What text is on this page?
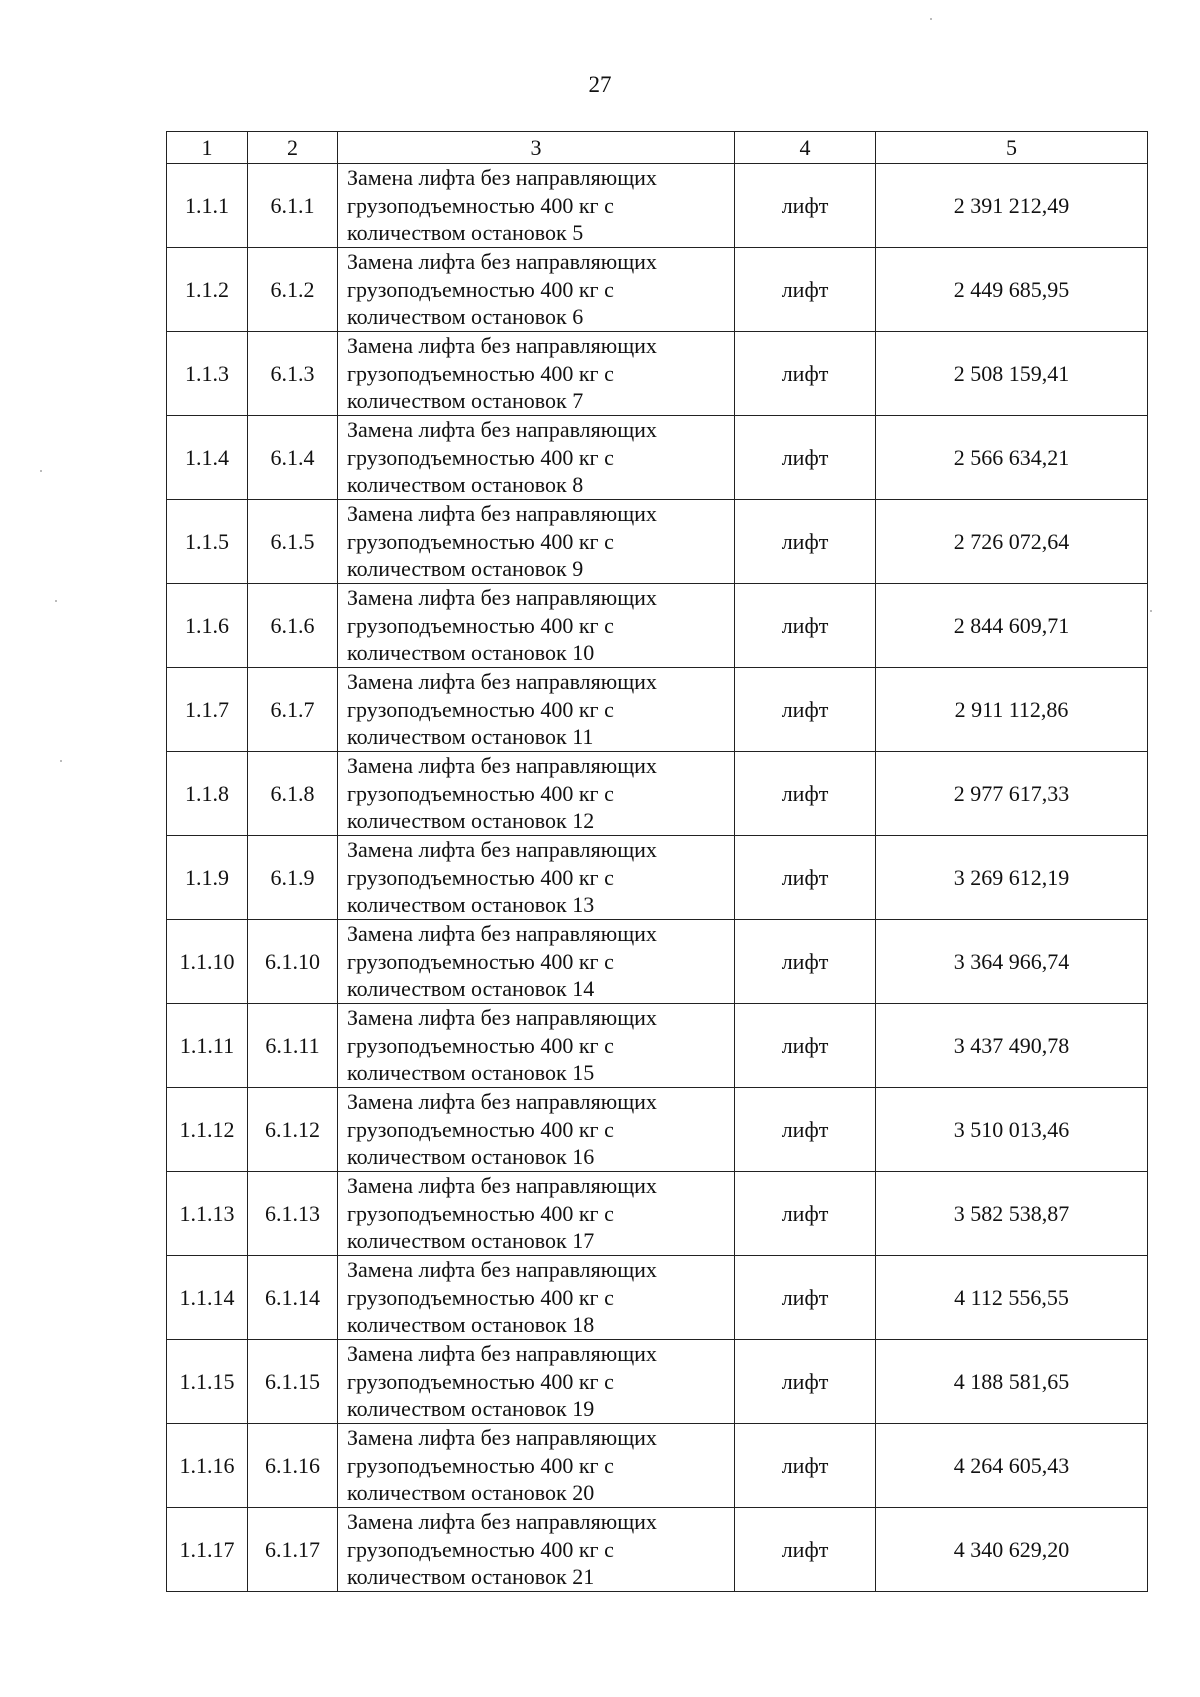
27
1	2	3	4	5
1.1.1	6.1.1	Замена лифта без направляющих
грузоподъемностью 400 кг с
количеством остановок 5	лифт	2 391 212,49
1.1.2	6.1.2	Замена лифта без направляющих
грузоподъемностью 400 кг с
количеством остановок 6	лифт	2 449 685,95
1.1.3	6.1.3	Замена лифта без направляющих
грузоподъемностью 400 кг с
количеством остановок 7	лифт	2 508 159,41
1.1.4	6.1.4	Замена лифта без направляющих
грузоподъемностью 400 кг с
количеством остановок 8	лифт	2 566 634,21
1.1.5	6.1.5	Замена лифта без направляющих
грузоподъемностью 400 кг с
количеством остановок 9	лифт	2 726 072,64
1.1.6	6.1.6	Замена лифта без направляющих
грузоподъемностью 400 кг с
количеством остановок 10	лифт	2 844 609,71
1.1.7	6.1.7	Замена лифта без направляющих
грузоподъемностью 400 кг с
количеством остановок 11	лифт	2 911 112,86
1.1.8	6.1.8	Замена лифта без направляющих
грузоподъемностью 400 кг с
количеством остановок 12	лифт	2 977 617,33
1.1.9	6.1.9	Замена лифта без направляющих
грузоподъемностью 400 кг с
количеством остановок 13	лифт	3 269 612,19
1.1.10	6.1.10	Замена лифта без направляющих
грузоподъемностью 400 кг с
количеством остановок 14	лифт	3 364 966,74
1.1.11	6.1.11	Замена лифта без направляющих
грузоподъемностью 400 кг с
количеством остановок 15	лифт	3 437 490,78
1.1.12	6.1.12	Замена лифта без направляющих
грузоподъемностью 400 кг с
количеством остановок 16	лифт	3 510 013,46
1.1.13	6.1.13	Замена лифта без направляющих
грузоподъемностью 400 кг с
количеством остановок 17	лифт	3 582 538,87
1.1.14	6.1.14	Замена лифта без направляющих
грузоподъемностью 400 кг с
количеством остановок 18	лифт	4 112 556,55
1.1.15	6.1.15	Замена лифта без направляющих
грузоподъемностью 400 кг с
количеством остановок 19	лифт	4 188 581,65
1.1.16	6.1.16	Замена лифта без направляющих
грузоподъемностью 400 кг с
количеством остановок 20	лифт	4 264 605,43
1.1.17	6.1.17	Замена лифта без направляющих
грузоподъемностью 400 кг с
количеством остановок 21	лифт	4 340 629,20
